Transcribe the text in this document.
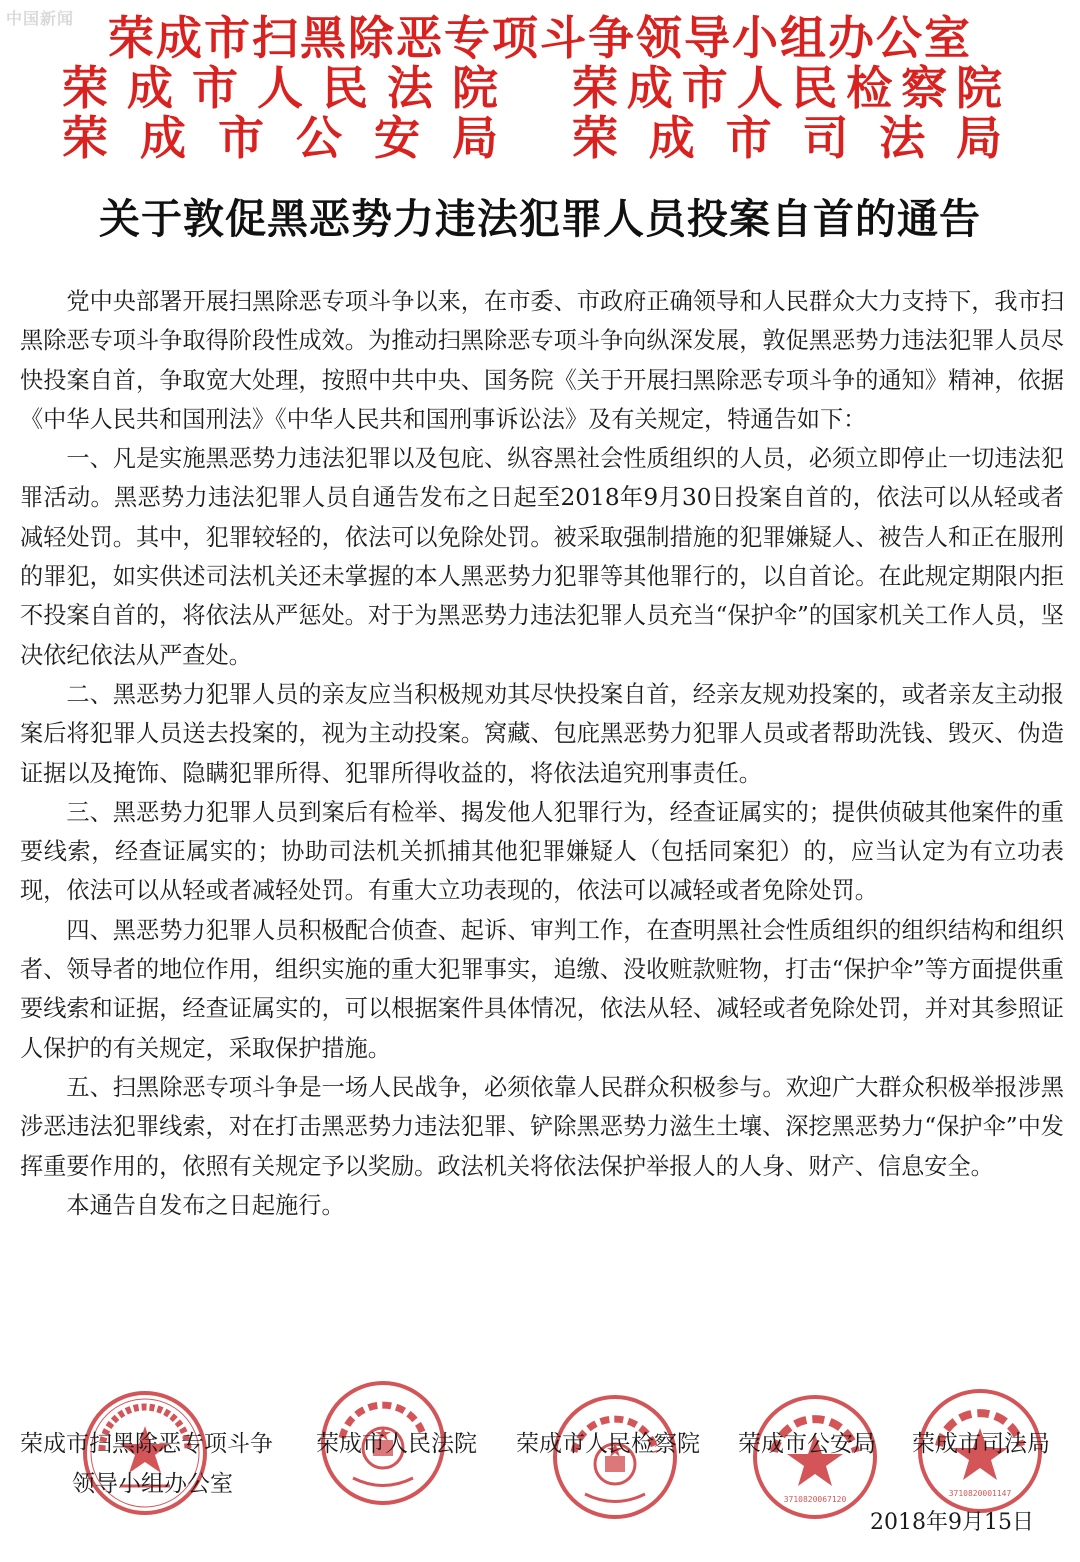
中国新闻 荣成市扫黑除恶专项斗争领导小组办公室
荣成市人民法院 荣成市人民检察院
荣成市公安局 荣成市司法局
关于敦促黑恶势力违法犯罪人员投案自首的通告

党中央部署开展扫黑除恶专项斗争以来，在市委、市政府正确领导和人民群众大力支持下，我市扫黑除恶专项斗争取得阶段性成效。为推动扫黑除恶专项斗争向纵深发展，敦促黑恶势力违法犯罪人员尽快投案自首，争取宽大处理，按照中共中央、国务院《关于开展扫黑除恶专项斗争的通知》精神，依据《中华人民共和国刑法》《中华人民共和国刑事诉讼法》及有关规定，特通告如下：

一、凡是实施黑恶势力违法犯罪以及包庇、纵容黑社会性质组织的人员，必须立即停止一切违法犯罪活动。黑恶势力违法犯罪人员自通告发布之日起至2018年9月30日投案自首的，依法可以从轻或者减轻处罚。其中，犯罪较轻的，依法可以免除处罚。被采取强制措施的犯罪嫌疑人、被告人和正在服刑的罪犯，如实供述司法机关还未掌握的本人黑恶势力犯罪等其他罪行的，以自首论。在此规定期限内拒不投案自首的，将依法从严惩处。对于为黑恶势力违法犯罪人员充当“保护伞”的国家机关工作人员，坚决依纪依法从严查处。

二、黑恶势力犯罪人员的亲友应当积极规劝其尽快投案自首，经亲友规劝投案的，或者亲友主动报案后将犯罪人员送去投案的，视为主动投案。窝藏、包庇黑恶势力犯罪人员或者帮助洗钱、毁灭、伪造证据以及掩饰、隐瞒犯罪所得、犯罪所得收益的，将依法追究刑事责任。

三、黑恶势力犯罪人员到案后有检举、揭发他人犯罪行为，经查证属实的；提供侦破其他案件的重要线索，经查证属实的；协助司法机关抓捕其他犯罪嫌疑人（包括同案犯）的，应当认定为有立功表现，依法可以从轻或者减轻处罚。有重大立功表现的，依法可以减轻或者免除处罚。

四、黑恶势力犯罪人员积极配合侦查、起诉、审判工作，在查明黑社会性质组织的组织结构和组织者、领导者的地位作用，组织实施的重大犯罪事实，追缴、没收赃款赃物，打击“保护伞”等方面提供重要线索和证据，经查证属实的，可以根据案件具体情况，依法从轻、减轻或者免除处罚，并对其参照证人保护的有关规定，采取保护措施。

五、扫黑除恶专项斗争是一场人民战争，必须依靠人民群众积极参与。欢迎广大群众积极举报涉黑涉恶违法犯罪线索，对在打击黑恶势力违法犯罪、铲除黑恶势力滋生土壤、深挖黑恶势力“保护伞”中发挥重要作用的，依照有关规定予以奖励。政法机关将依法保护举报人的人身、财产、信息安全。

本通告自发布之日起施行。

3710820067120
3710820001147
荣成市扫黑除恶专项斗争
领导小组办公室
荣成市人民法院 荣成市人民检察院 荣成市公安局 荣成市司法局
2018年9月15日
